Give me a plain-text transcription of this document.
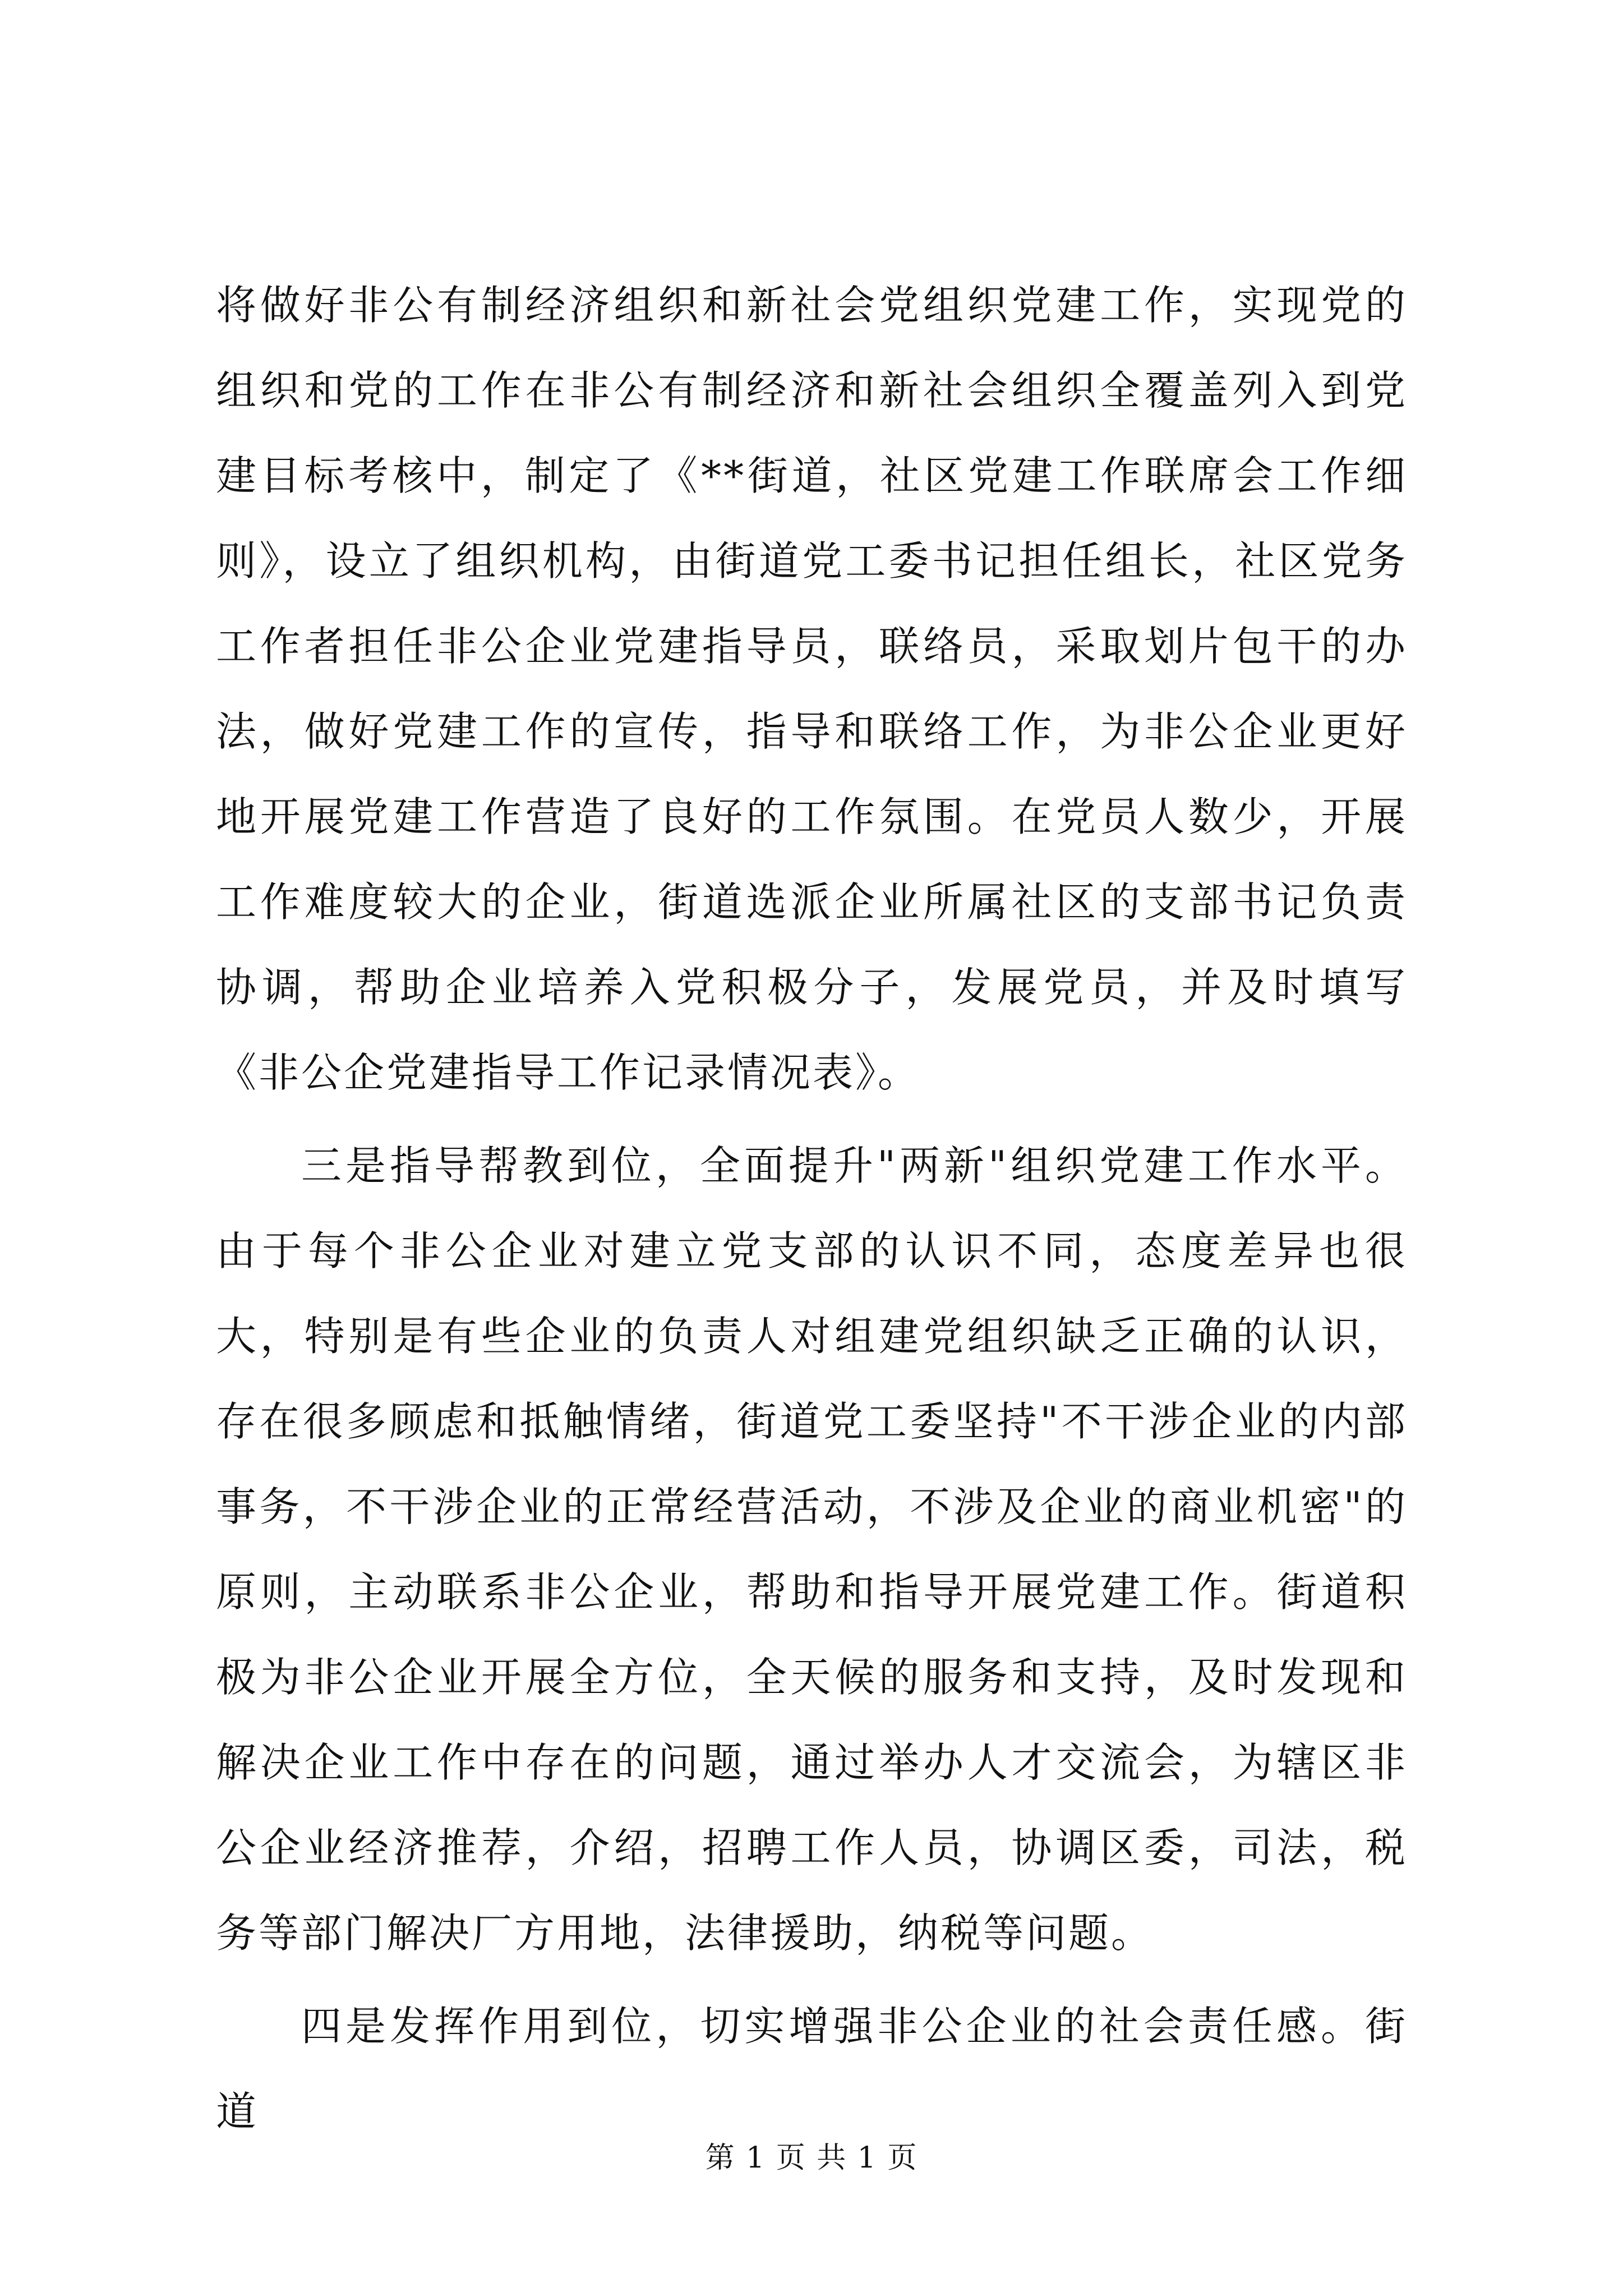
将做好非公有制经济组织和新社会党组织党建工作，实现党的组织和党的工作在非公有制经济和新社会组织全覆盖列入到党建目标考核中，制定了《**街道，社区党建工作联席会工作细则》，设立了组织机构，由街道党工委书记担任组长，社区党务工作者担任非公企业党建指导员，联络员，采取划片包干的办法，做好党建工作的宣传，指导和联络工作，为非公企业更好地开展党建工作营造了良好的工作氛围。在党员人数少，开展工作难度较大的企业，街道选派企业所属社区的支部书记负责协调，帮助企业培养入党积极分子，发展党员，并及时填写《非公企党建指导工作记录情况表》。

三是指导帮教到位，全面提升"两新"组织党建工作水平。由于每个非公企业对建立党支部的认识不同，态度差异也很大，特别是有些企业的负责人对组建党组织缺乏正确的认识，存在很多顾虑和抵触情绪，街道党工委坚持"不干涉企业的内部事务，不干涉企业的正常经营活动，不涉及企业的商业机密"的原则，主动联系非公企业，帮助和指导开展党建工作。街道积极为非公企业开展全方位，全天候的服务和支持，及时发现和解决企业工作中存在的问题，通过举办人才交流会，为辖区非公企业经济推荐，介绍，招聘工作人员，协调区委，司法，税务等部门解决厂方用地，法律援助，纳税等问题。

四是发挥作用到位，切实增强非公企业的社会责任感。街道

第 1 页 共 1 页
